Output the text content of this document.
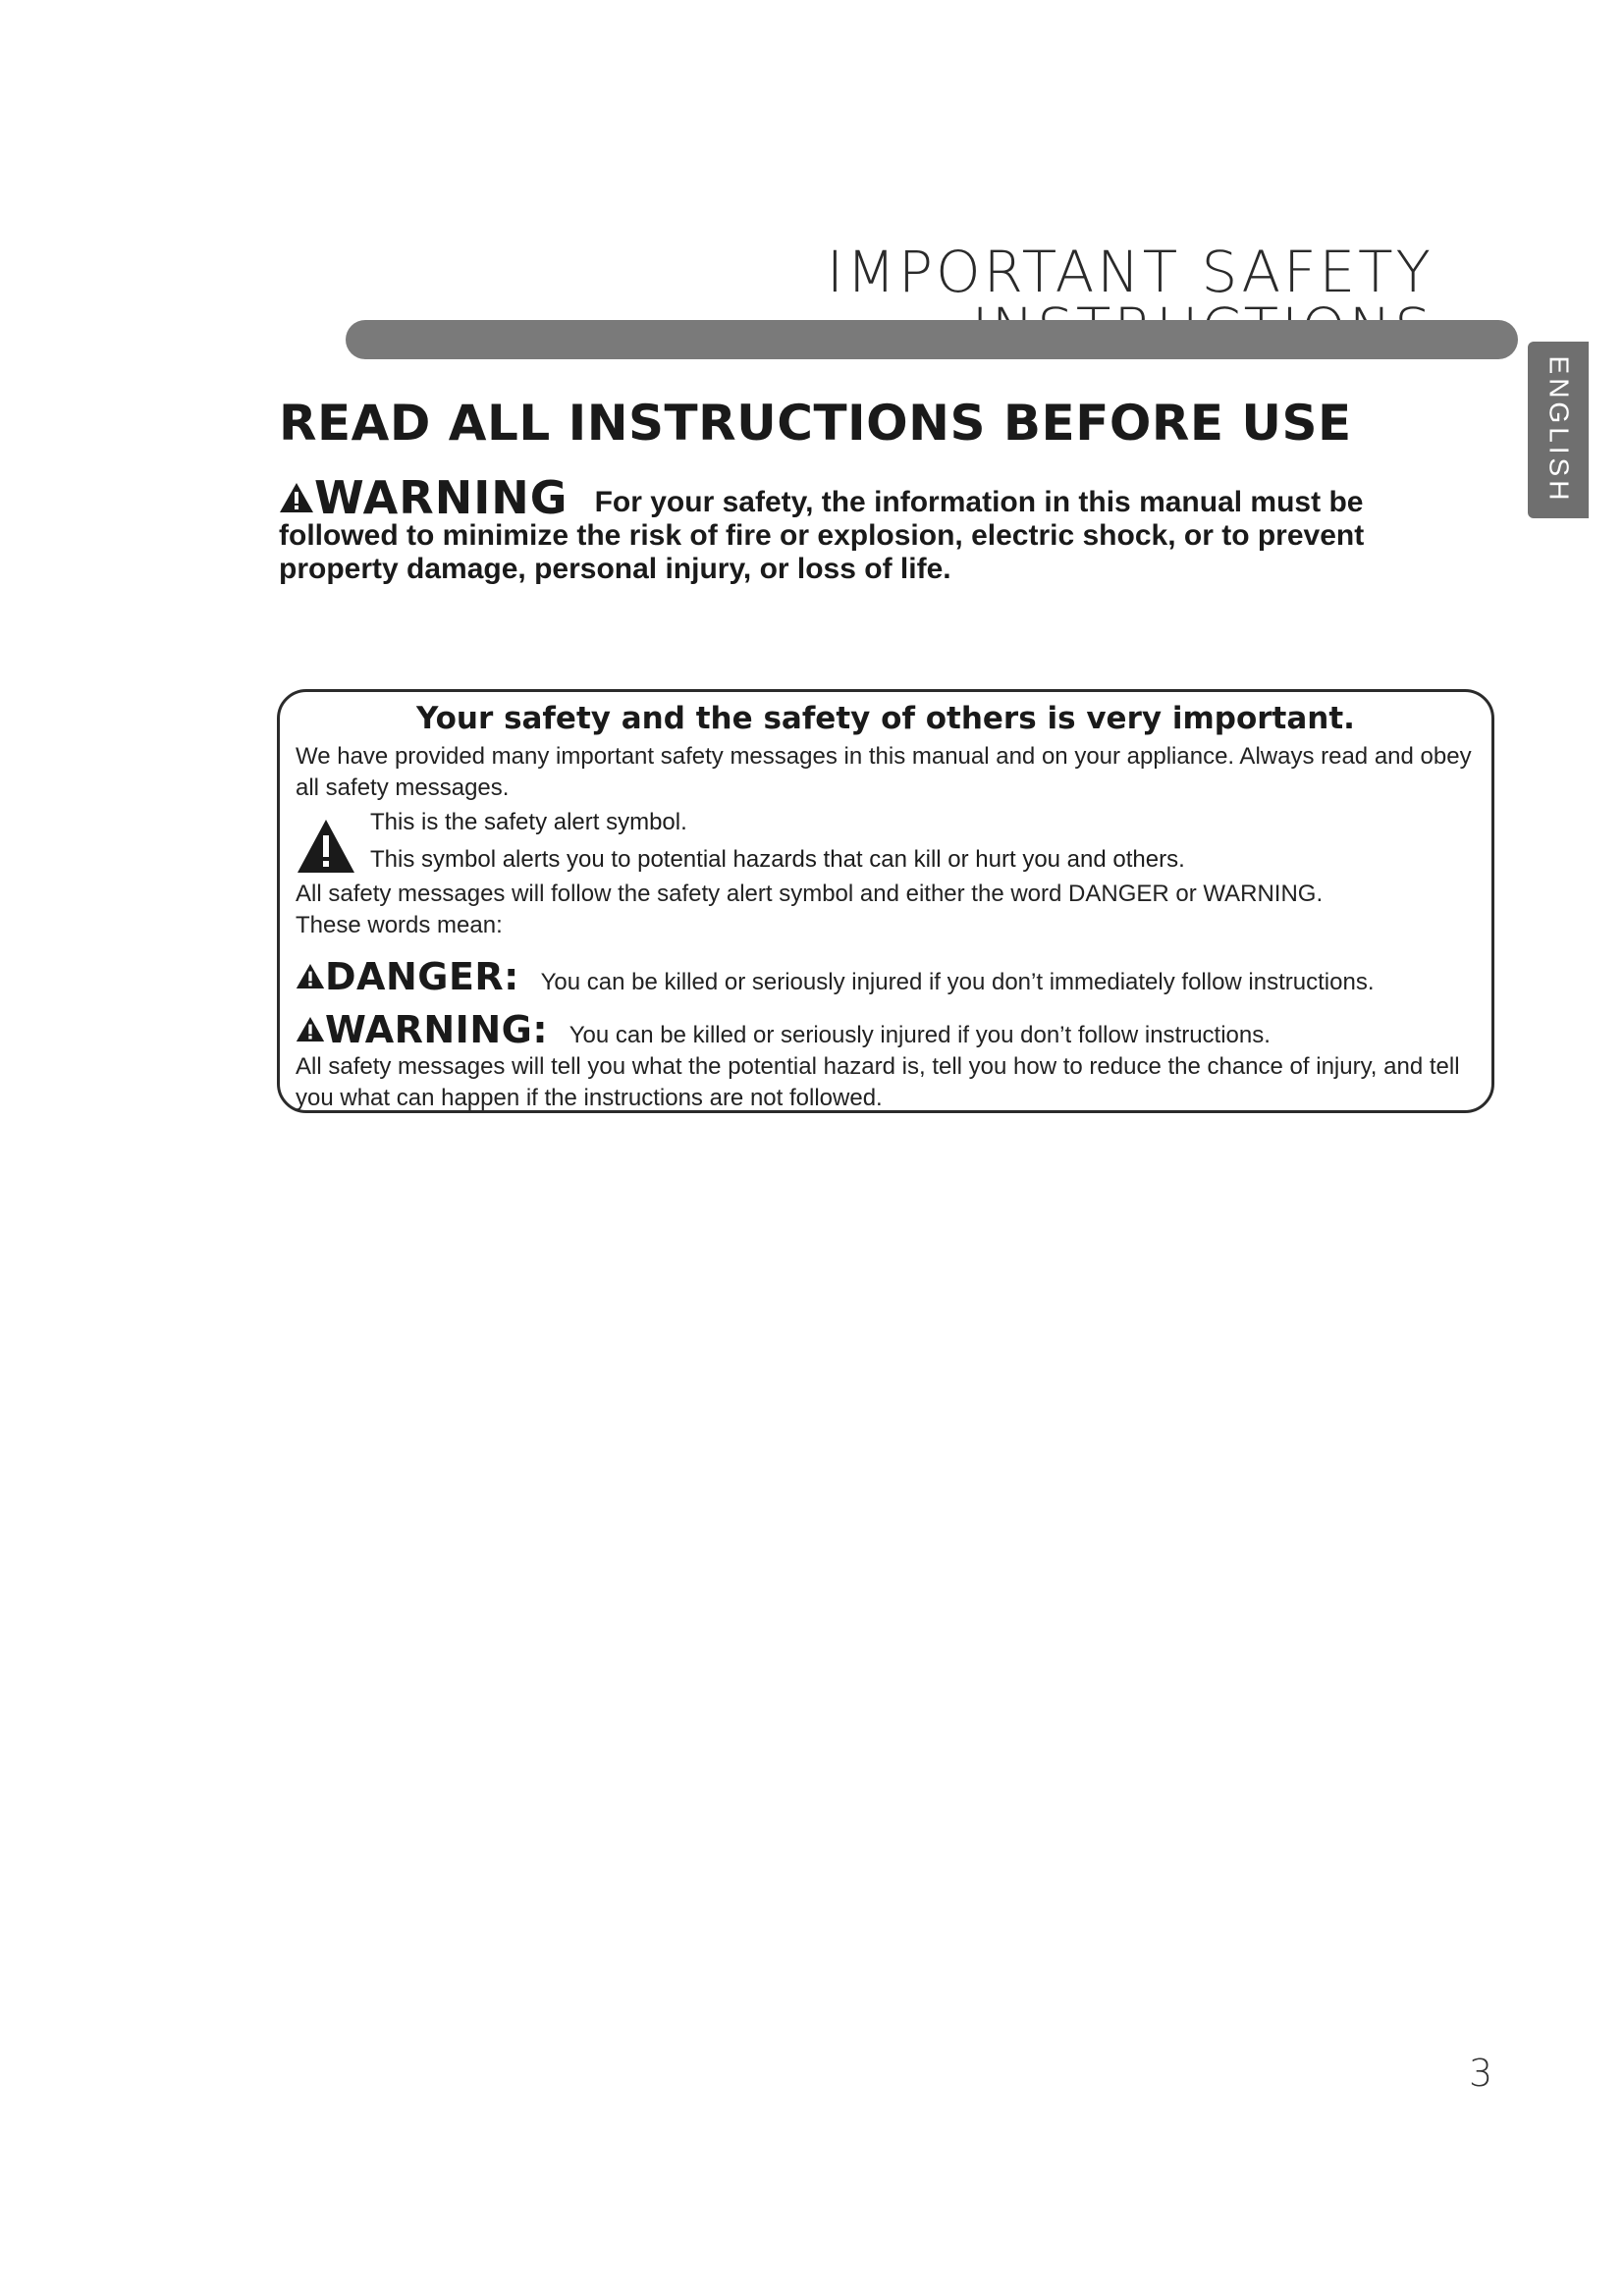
IMPORTANT SAFETY
ENGLISH
READ ALL INSTRUCTIONS BEFORE USE
WARNING For your safety, the information in this manual must be followed to minimize the risk of fire or explosion, electric shock, or to prevent property damage, personal injury, or loss of life.

Your safety and the safety of others is very important.

We have provided many important safety messages in this manual and on your appliance. Always read and obey all safety messages.

This is the safety alert symbol.

This symbol alerts you to potential hazards that can kill or hurt you and others.

All safety messages will follow the safety alert symbol and either the word DANGER or WARNING.

These words mean:

DANGER: You can be killed or seriously injured if you don’t immediately follow instructions.

WARNING: You can be killed or seriously injured if you don’t follow instructions.

All safety messages will tell you what the potential hazard is, tell you how to reduce the chance of injury, and tell you what can happen if the instructions are not followed.

3
